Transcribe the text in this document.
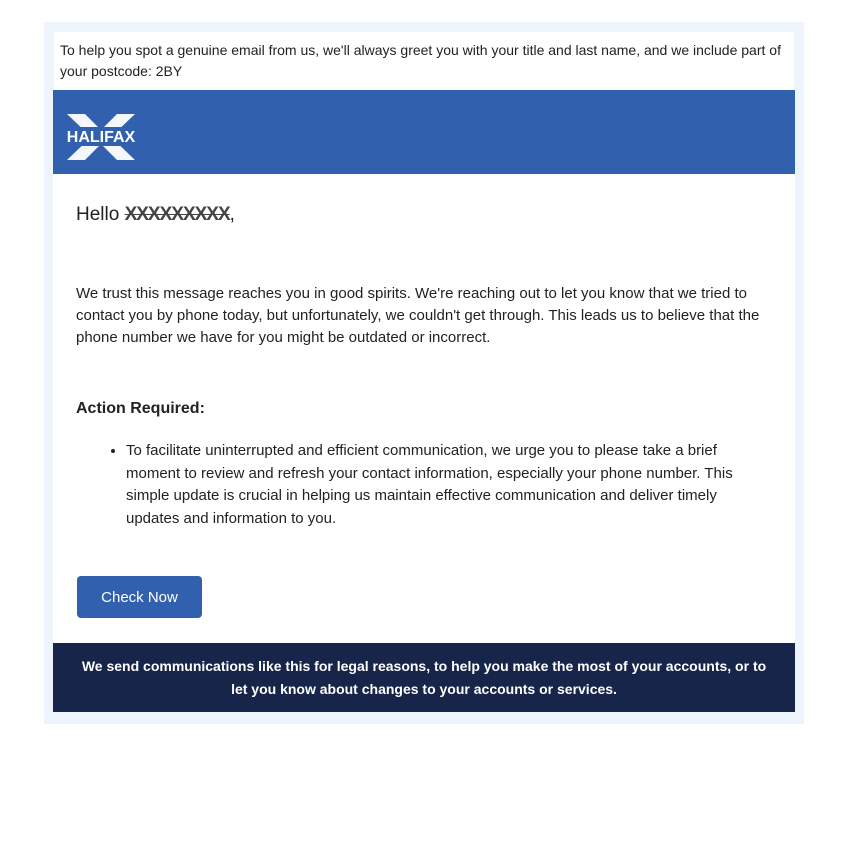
To help you spot a genuine email from us, we'll always greet you with your title and last name, and we include part of your postcode: 2BY
HALIFAX
Hello XXXXXXXXX,
We trust this message reaches you in good spirits. We're reaching out to let you know that we tried to contact you by phone today, but unfortunately, we couldn't get through. This leads us to believe that the phone number we have for you might be outdated or incorrect.
Action Required:
• To facilitate uninterrupted and efficient communication, we urge you to please take a brief moment to review and refresh your contact information, especially your phone number. This simple update is crucial in helping us maintain effective communication and deliver timely updates and information to you.
Check Now
We send communications like this for legal reasons, to help you make the most of your accounts, or to let you know about changes to your accounts or services.
